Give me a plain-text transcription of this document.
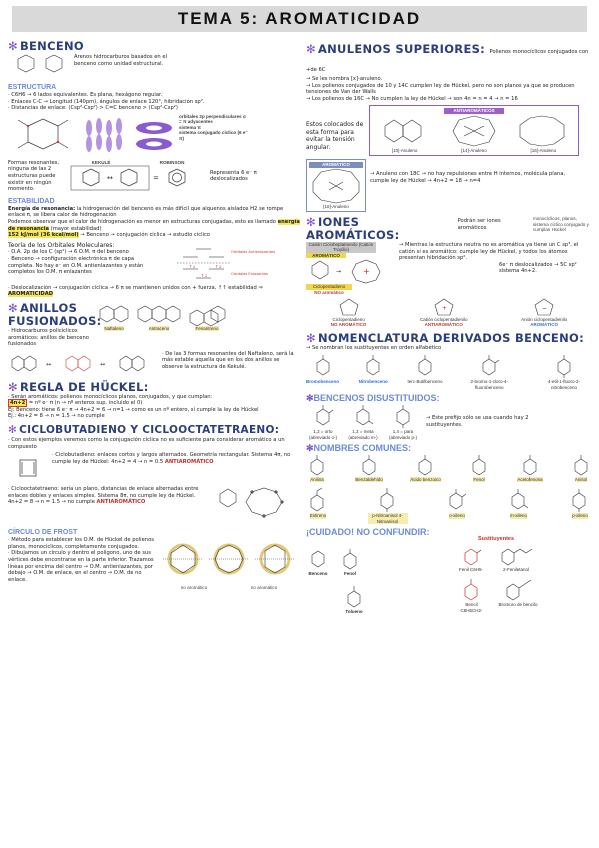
TEMA 5: AROMATICIDAD
✻ BENCENO
Arenos hidrocarburos basados en el benceno como unidad estructural.
ESTRUCTURA
· C6H6 → 6 lados equivalentes. Es plana, hexágono regular.
· Enlaces C-C → Longitud (140pm), ángulos de enlace 120°, hibridación sp².
· Distancias de enlace: (Csp²-Csp²) > C=C benceno > (Csp²-Csp²)
orbitales 2p perpendiculares σ = π adyacentes
sistema π
sistema conjugado cíclico (6 e⁻ π)
Formas resonantes, ninguna de las 2 estructuras puede existir en ningún momento.
KEKULÉ	ROBINSON
↔	=
Representa 6 e⁻ π deslocalizados
ESTABILIDAD
Energía de resonancia: la hidrogenación del benceno es más difícil que alquenos aislados H2 se rompe enlace π, se libera calor de hidrogenación
Podemos observar que el calor de hidrogenación es menor en estructuras conjugadas, esto es llamado energía de resonancia (mayor estabilidad)
152 kJ/mol (36 kcal/mol) → Benceno → conjugación cíclica → estudio cíclico
Teoría de los Orbitales Moleculares:
· O.A. 2p de los C (sp²) → 6 O.M. π del benceno
· Benceno → configuración electrónica π de capa completa. No hay e⁻ en O.M. antienlazantes y están completos los O.M. π enlazantes
↑↓	↑↓
↑↓
Orbitales Antienlazantes
Orbitales Enlazantes
· Deslocalización → conjugación cíclica → 6 π se mantienen unidos con + fuerza, ↑↑ estabilidad ⇒ AROMATICIDAD
✻ ANILLOS FUSIONADOS:
· Hidrocarburos policíclicos aromáticos: anillos de benceno fusionados
Naftaleno	Antraceno	Fenantreno
↔	↔
· De las 3 formas resonantes del Naftaleno, será la más estable aquella que en los dos anillos se observe la estructura de Kekulé.
✻ REGLA DE HÜCKEL:
· Serán aromáticos: polienos monocíclicos planos, conjugados, y que cumplan:
4n+2 = nº e⁻ π (n → nº enteros sup. incluido el 0)
Ej: Benceno: tiene 6 e⁻ π → 4n+2 = 6 → n=1 → como es un nº entero, sí cumple la ley de Hückel
Ej.: 4n+2 = 8 → n = 1.5 → no cumple
✻ CICLOBUTADIENO Y CICLOOCTATETRAENO:
· Con estos ejemplos veremos como la conjugación cíclica no es suficiente para considerar aromático a un compuesto
· Ciclobutadieno: enlaces cortos y largos alternados. Geometría rectangular. Sistema 4π, no cumple ley de Hückel: 4n+2 = 4 → n = 0.5 ANTIAROMÁTICO
· Ciclooctatetraeno: sería un plano, distancias de enlace alternadas entre enlaces dobles y enlaces simples. Sistema 8π, no cumple ley de Hückel.
4n+2 = 8 → n = 1.5 → no cumple ANTIAROMÁTICO
CÍRCULO DE FROST
· Método para establecer los O.M. de Hückel de polienos planos, monocíclicos, completamente conjugados.
· Dibujamos un círculo y dentro el polígono, uno de sus vértices debe encontrarse en la parte inferior. Trazamos líneas por encima del centro → O.M. antienlazantes, por debajo → O.M. de enlace, en el centro → O.M. de no enlace.
no aromático	no aromático
✻ ANULENOS SUPERIORES: Polienos monocíclicos conjugados con +de 6C
→ Se les nombra [x]-anuleno.
→ Los polienos conjugados de 10 y 14C cumplen ley de Hückel, pero no son planos ya que se producen tensiones de Van der Walls
→ Los polienos de 16C → No cumplen la ley de Hückel → son 4n = n = 4 → n = 16
Estos colocados de esta forma para evitar la tensión angular.
ANTIAROMÁTICOS
[10]-Anuleno	[14]-Anuleno	[16]-Anuleno
AROMÁTICO
[18]-Anuleno
→ Anuleno con 18C → no hay repulsiones entre H internos, molécula plana, cumple ley de Hückel → 4n+2 = 18 → n=4
✻ IONES AROMÁTICOS:
Podrán ser iones aromáticos
monocíclicos, planos, sistema cíclico conjugado y cumplan Hückel
Catión Cicloheptatrienilo (Catión Tropilio)
AROMÁTICO
→	+
Ciclopentadieno
NO aromático
→ Mientras la estructura neutra no es aromática ya tiene un C sp³, el catión sí es aromático: cumple ley de Hückel, y todos los átomos presentan hibridación sp².
6e⁻ π deslocalizados → 5C sp² sistema 4n+2.
Ciclopentadieno
NO AROMÁTICO
+
Catión ciclopentadienilo
ANTIAROMÁTICO
−
Anión ciclopentadienilo
AROMÁTICO
✻ NOMENCLATURA DERIVADOS BENCENO:
→ Se nombran los sustituyentes en orden alfabético
Bromobenceno	Nitrobenceno	terc-Butilbenceno	2-bromo-1-cloro-4-fluorobenceno
4-etil-1-fluoro-2-nitrobenceno
✻BENCENOS DISUSTITUIDOS:
1,2 = orto (abreviado o-)
1,3 = meta (abreviado m-)
1,4 = para (abreviado p-)
→ Este prefijo sólo se usa cuando hay 2 sustituyentes.
✻NOMBRES COMUNES:
Anilina	Benzaldehído	Ácido benzoico	Fenol	Acetofenona	Anisol
Estireno	p-Nitroanisol 4-Nitroanisol
o-xileno	m-xileno	p-xileno
¡CUIDADO! NO CONFUNDIR:
Benceno	Fenol
Tolueno
Sustituyentes
Fenil C6H5-	2-Feniletanol
Bencil C6H5CH2-
Bromuro de bencilo
